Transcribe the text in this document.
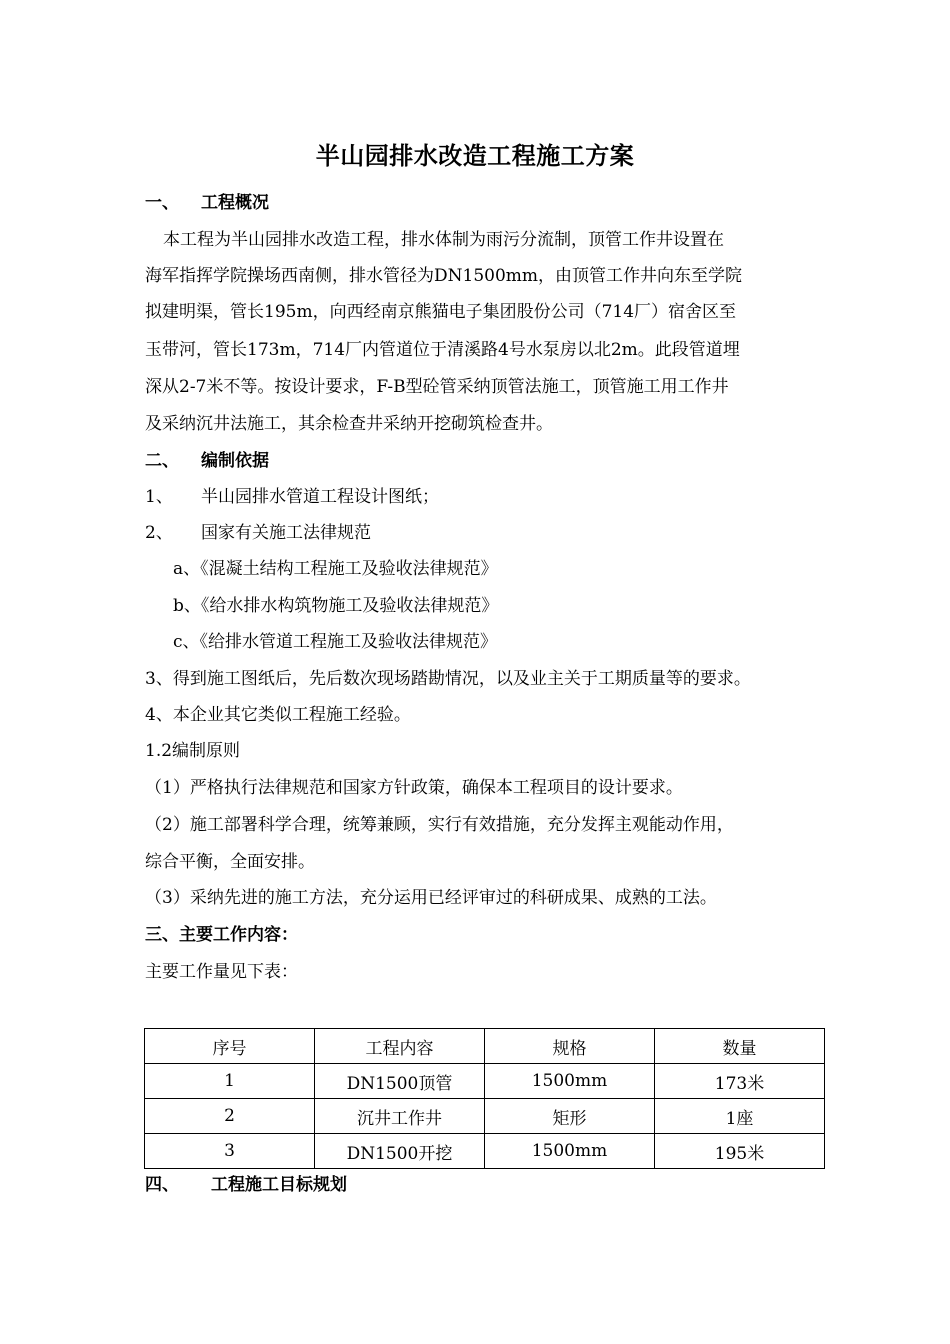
半山园排水改造工程施工方案
一、 工程概况
本工程为半山园排水改造工程，排水体制为雨污分流制，顶管工作井设置在
海军指挥学院操场西南侧，排水管径为DN1500mm，由顶管工作井向东至学院
拟建明渠，管长195m，向西经南京熊猫电子集团股份公司（714厂）宿舍区至
玉带河，管长173m，714厂内管道位于清溪路4号水泵房以北2m。此段管道埋
深从2-7米不等。按设计要求，F-B型砼管采纳顶管法施工，顶管施工用工作井
及采纳沉井法施工，其余检查井采纳开挖砌筑检查井。
二、 编制依据
1、 半山园排水管道工程设计图纸；
2、 国家有关施工法律规范
a、《混凝土结构工程施工及验收法律规范》
b、《给水排水构筑物施工及验收法律规范》
c、《给排水管道工程施工及验收法律规范》
3、得到施工图纸后，先后数次现场踏勘情况，以及业主关于工期质量等的要求。
4、本企业其它类似工程施工经验。
1.2编制原则
（1）严格执行法律规范和国家方针政策，确保本工程项目的设计要求。
（2）施工部署科学合理，统筹兼顾，实行有效措施，充分发挥主观能动作用，
综合平衡，全面安排。
（3）采纳先进的施工方法，充分运用已经评审过的科研成果、成熟的工法。
三、主要工作内容：
主要工作量见下表：
序号	工程内容	规格	数量
1	DN1500顶管	1500mm	173米
2	沉井工作井	矩形	1座
3	DN1500开挖	1500mm	195米
四、 工程施工目标规划
